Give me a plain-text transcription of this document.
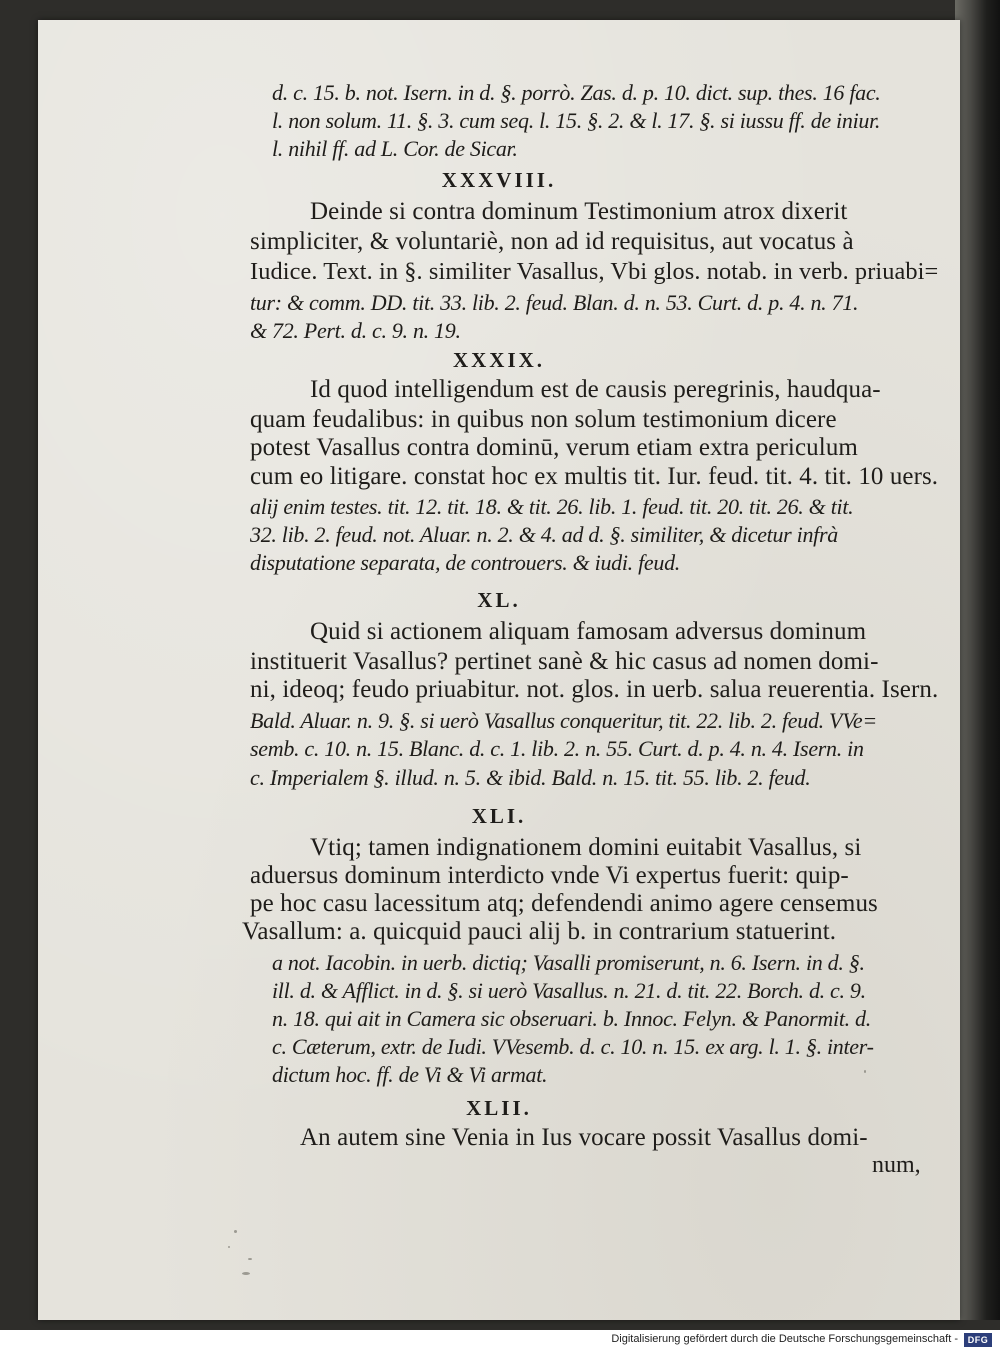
d. c. 15. b. not. Isern. in d. §. porrò. Zas. d. p. 10. dict. sup. thes. 16 fac.

l. non solum. 11. §. 3. cum seq. l. 15. §. 2. & l. 17. §. si iussu ff. de iniur.

l. nihil ff. ad L. Cor. de Sicar.

XXXVIII.

Deinde si contra dominum Testimonium atrox dixerit

simpliciter, & voluntariè, non ad id requisitus, aut vocatus à

Iudice. Text. in §. similiter Vasallus, Vbi glos. notab. in verb. priuabi=

tur: & comm. DD. tit. 33. lib. 2. feud. Blan. d. n. 53. Curt. d. p. 4. n. 71.

& 72. Pert. d. c. 9. n. 19.

XXXIX.

Id quod intelligendum est de causis peregrinis, haudqua-

quam feudalibus: in quibus non solum testimonium dicere

potest Vasallus contra dominū, verum etiam extra periculum

cum eo litigare. constat hoc ex multis tit. Iur. feud. tit. 4. tit. 10 uers.

alij enim testes. tit. 12. tit. 18. & tit. 26. lib. 1. feud. tit. 20. tit. 26. & tit.

32. lib. 2. feud. not. Aluar. n. 2. & 4. ad d. §. similiter, & dicetur infrà

disputatione separata, de controuers. & iudi. feud.

XL.

Quid si actionem aliquam famosam adversus dominum

instituerit Vasallus? pertinet sanè & hic casus ad nomen domi-

ni, ideoq; feudo priuabitur. not. glos. in uerb. salua reuerentia. Isern.

Bald. Aluar. n. 9. §. si uerò Vasallus conqueritur, tit. 22. lib. 2. feud. VVe=

semb. c. 10. n. 15. Blanc. d. c. 1. lib. 2. n. 55. Curt. d. p. 4. n. 4. Isern. in

c. Imperialem §. illud. n. 5. & ibid. Bald. n. 15. tit. 55. lib. 2. feud.

XLI.

Vtiq; tamen indignationem domini euitabit Vasallus, si

aduersus dominum interdicto vnde Vi expertus fuerit: quip-

pe hoc casu lacessitum atq; defendendi animo agere censemus

Vasallum: a. quicquid pauci alij b. in contrarium statuerint.

a not. Iacobin. in uerb. dictiq; Vasalli promiserunt, n. 6. Isern. in d. §.

ill. d. & Afflict. in d. §. si uerò Vasallus. n. 21. d. tit. 22. Borch. d. c. 9.

n. 18. qui ait in Camera sic obseruari. b. Innoc. Felyn. & Panormit. d.

c. Cæterum, extr. de Iudi. VVesemb. d. c. 10. n. 15. ex arg. l. 1. §. inter-

dictum hoc. ff. de Vi & Vi armat.

XLII.

An autem sine Venia in Ius vocare possit Vasallus domi-

num,

Digitalisierung gefördert durch die Deutsche Forschungsgemeinschaft -	DFG
